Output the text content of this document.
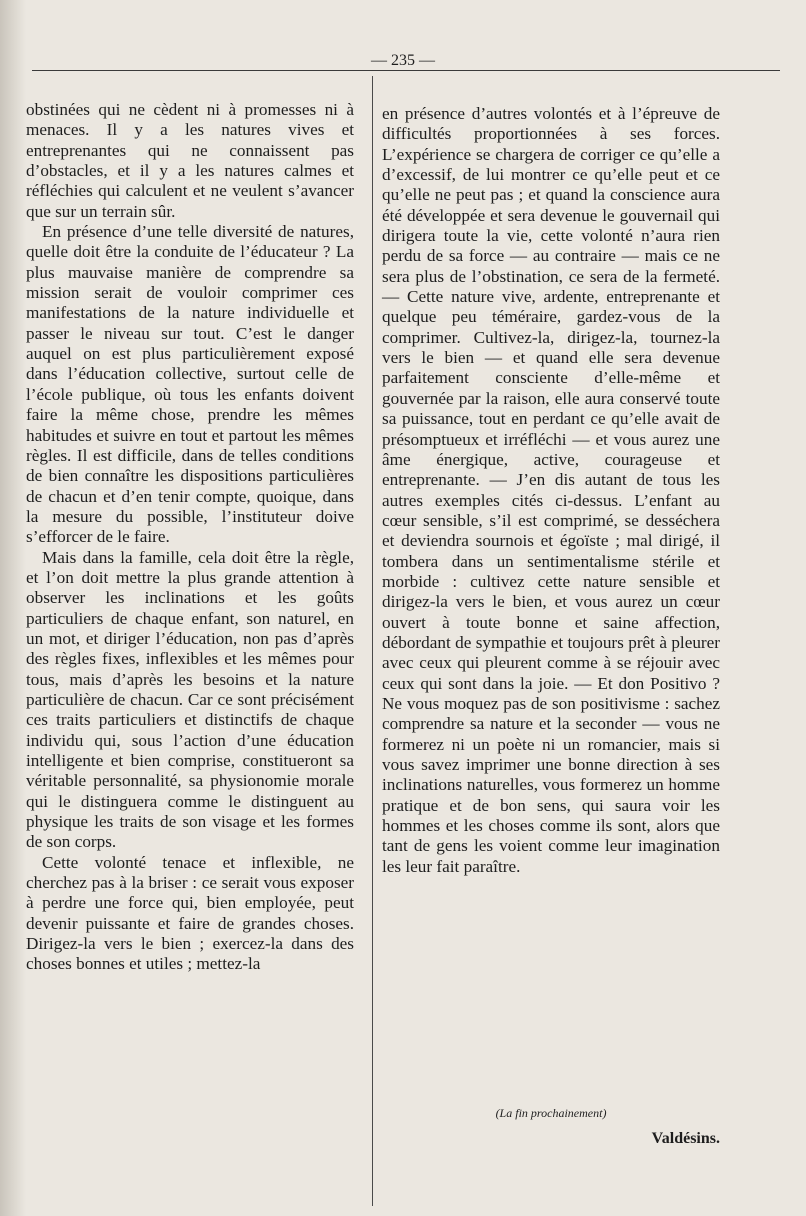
— 235 —

obstinées qui ne cèdent ni à promesses ni à menaces. Il y a les natures vives et entreprenantes qui ne connaissent pas d’obstacles, et il y a les natures calmes et réfléchies qui calculent et ne veulent s’avancer que sur un terrain sûr.

En présence d’une telle diversité de natures, quelle doit être la conduite de l’éducateur ? La plus mauvaise manière de comprendre sa mission serait de vouloir comprimer ces manifestations de la nature individuelle et passer le niveau sur tout. C’est le danger auquel on est plus particulièrement exposé dans l’éducation collective, surtout celle de l’école publique, où tous les enfants doivent faire la même chose, prendre les mêmes habitudes et suivre en tout et partout les mêmes règles. Il est difficile, dans de telles conditions de bien connaître les dispositions particulières de chacun et d’en tenir compte, quoique, dans la mesure du possible, l’instituteur doive s’efforcer de le faire.

Mais dans la famille, cela doit être la règle, et l’on doit mettre la plus grande attention à observer les inclinations et les goûts particuliers de chaque enfant, son naturel, en un mot, et diriger l’éducation, non pas d’après des règles fixes, inflexibles et les mêmes pour tous, mais d’après les besoins et la nature particulière de chacun. Car ce sont précisément ces traits particuliers et distinctifs de chaque individu qui, sous l’action d’une éducation intelligente et bien comprise, constitueront sa véritable personnalité, sa physionomie morale qui le distinguera comme le distinguent au physique les traits de son visage et les formes de son corps.

Cette volonté tenace et inflexible, ne cherchez pas à la briser : ce serait vous exposer à perdre une force qui, bien employée, peut devenir puissante et faire de grandes choses. Dirigez-la vers le bien ; exercez-la dans des choses bonnes et utiles ; mettez-la

en présence d’autres volontés et à l’épreuve de difficultés proportionnées à ses forces. L’expérience se chargera de corriger ce qu’elle a d’excessif, de lui montrer ce qu’elle peut et ce qu’elle ne peut pas ; et quand la conscience aura été développée et sera devenue le gouvernail qui dirigera toute la vie, cette volonté n’aura rien perdu de sa force — au contraire — mais ce ne sera plus de l’obstination, ce sera de la fermeté. — Cette nature vive, ardente, entreprenante et quelque peu téméraire, gardez-vous de la comprimer. Cultivez-la, dirigez-la, tournez-la vers le bien — et quand elle sera devenue parfaitement consciente d’elle-même et gouvernée par la raison, elle aura conservé toute sa puissance, tout en perdant ce qu’elle avait de présomptueux et irréfléchi — et vous aurez une âme énergique, active, courageuse et entreprenante. — J’en dis autant de tous les autres exemples cités ci-dessus. L’enfant au cœur sensible, s’il est comprimé, se desséchera et deviendra sournois et égoïste ; mal dirigé, il tombera dans un sentimentalisme stérile et morbide : cultivez cette nature sensible et dirigez-la vers le bien, et vous aurez un cœur ouvert à toute bonne et saine affection, débordant de sympathie et toujours prêt à pleurer avec ceux qui pleurent comme à se réjouir avec ceux qui sont dans la joie. — Et don Positivo ? Ne vous moquez pas de son positivisme : sachez comprendre sa nature et la seconder — vous ne formerez ni un poète ni un romancier, mais si vous savez imprimer une bonne direction à ses inclinations naturelles, vous formerez un homme pratique et de bon sens, qui saura voir les hommes et les choses comme ils sont, alors que tant de gens les voient comme leur imagination les leur fait paraître.

(La fin prochainement)
Valdésins.
